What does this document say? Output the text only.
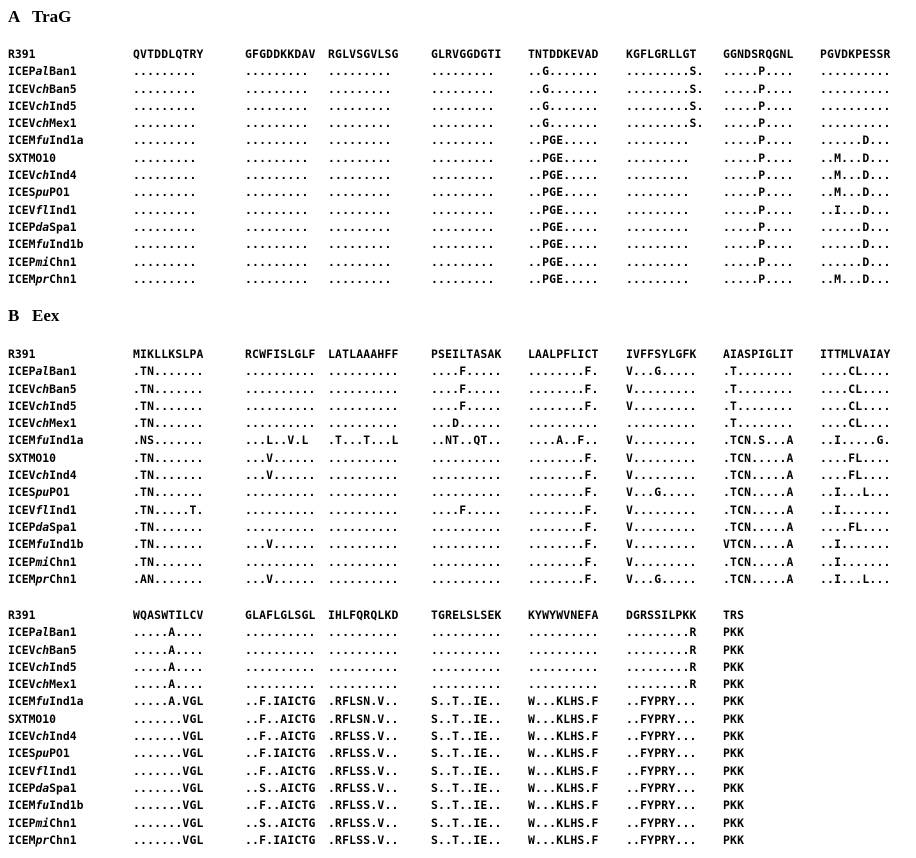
A TraG
R391	QVTDDLQTRY	GFGDDKKDAV RGLVSGVLSG	GLRVGGDGTI TNTDDKEVAD KGFLGRLLGT GGNDSRQGNL PGVDKPESSR
ICEPalBan1	.........	......... .........	.........	..G....... .........S. .....P.... ..........
ICEVchBan5	.........	......... .........	.........	..G....... .........S. .....P.... ..........
ICEVchInd5	.........	......... .........	.........	..G....... .........S. .....P.... ..........
ICEVchMex1	.........	......... .........	.........	..G....... .........S. .....P.... ..........
ICEMfuInd1a	.........	......... .........	.........	..PGE..... .........	.....P.... ......D...
SXTMO10	.........	......... .........	.........	..PGE..... .........	.....P.... ..M...D...
ICEVchInd4	.........	......... .........	.........	..PGE..... .........	.....P.... ..M...D...
ICESpuPO1	.........	......... .........	.........	..PGE..... .........	.....P.... ..M...D...
ICEVflInd1	.........	......... .........	.........	..PGE..... .........	.....P.... ..I...D...
ICEPdaSpa1	.........	......... .........	.........	..PGE..... .........	.....P.... ......D...
ICEMfuInd1b	.........	......... .........	.........	..PGE..... .........	.....P.... ......D...
ICEPmiChn1	.........	......... .........	.........	..PGE..... .........	.....P.... ......D...
ICEMprChn1	.........	......... .........	.........	..PGE..... .........	.....P.... ..M...D...
B Eex
R391	MIKLLKSLPA	RCWFISLGLF LATLAAAHFF	PSEILTASAK LAALPFLICT IVFFSYLGFK AIASPIGLIT ITTMLVAIAY
ICEPalBan1	.TN.......	.......... ..........	....F..... ........F. V...G..... .T........ ....CL....
ICEVchBan5	.TN.......	.......... ..........	....F..... ........F. V......... .T........ ....CL....
ICEVchInd5	.TN.......	.......... ..........	....F..... ........F. V......... .T........ ....CL....
ICEVchMex1	.TN.......	.......... ..........	...D...... .......... .......... .T........ ....CL....
ICEMfuInd1a	.NS.......	...L..V.L .T...T...L	..NT..QT.. ....A..F.. V......... .TCN.S...A ..I.....G.
SXTMO10	.TN.......	...V...... ..........	.......... ........F. V......... .TCN.....A ....FL....
ICEVchInd4	.TN.......	...V...... ..........	.......... ........F. V......... .TCN.....A ....FL....
ICESpuPO1	.TN.......	.......... ..........	.......... ........F. V...G..... .TCN.....A ..I...L...
ICEVflInd1	.TN.....T.	.......... ..........	....F..... ........F. V......... .TCN.....A ..I.......
ICEPdaSpa1	.TN.......	.......... ..........	.......... ........F. V......... .TCN.....A ....FL....
ICEMfuInd1b	.TN.......	...V...... ..........	.......... ........F. V......... VTCN.....A ..I.......
ICEPmiChn1	.TN.......	.......... ..........	.......... ........F. V......... .TCN.....A ..I.......
ICEMprChn1	.AN.......	...V...... ..........	.......... ........F. V...G..... .TCN.....A ..I...L...
R391	WQASWTILCV	GLAFLGLSGL IHLFQRQLKD	TGRELSLSEK KYWYWVNEFA DGRSSILPKK TRS
ICEPalBan1	.....A....	.......... ..........	.......... .......... .........R PKK
ICEVchBan5	.....A....	.......... ..........	.......... .......... .........R PKK
ICEVchInd5	.....A....	.......... ..........	.......... .......... .........R PKK
ICEVchMex1	.....A....	.......... ..........	.......... .......... .........R PKK
ICEMfuInd1a	.....A.VGL	..F.IAICTG .RFLSN.V..	S..T..IE.. W...KLHS.F ..FYPRY... PKK
SXTMO10	.......VGL	..F..AICTG .RFLSN.V..	S..T..IE.. W...KLHS.F ..FYPRY... PKK
ICEVchInd4	.......VGL	..F..AICTG .RFLSS.V..	S..T..IE.. W...KLHS.F ..FYPRY... PKK
ICESpuPO1	.......VGL	..F.IAICTG .RFLSS.V..	S..T..IE.. W...KLHS.F ..FYPRY... PKK
ICEVflInd1	.......VGL	..F..AICTG .RFLSS.V..	S..T..IE.. W...KLHS.F ..FYPRY... PKK
ICEPdaSpa1	.......VGL	..S..AICTG .RFLSS.V..	S..T..IE.. W...KLHS.F ..FYPRY... PKK
ICEMfuInd1b	.......VGL	..F..AICTG .RFLSS.V..	S..T..IE.. W...KLHS.F ..FYPRY... PKK
ICEPmiChn1	.......VGL	..S..AICTG .RFLSS.V..	S..T..IE.. W...KLHS.F ..FYPRY... PKK
ICEMprChn1	.......VGL	..F.IAICTG .RFLSS.V..	S..T..IE.. W...KLHS.F ..FYPRY... PKK
